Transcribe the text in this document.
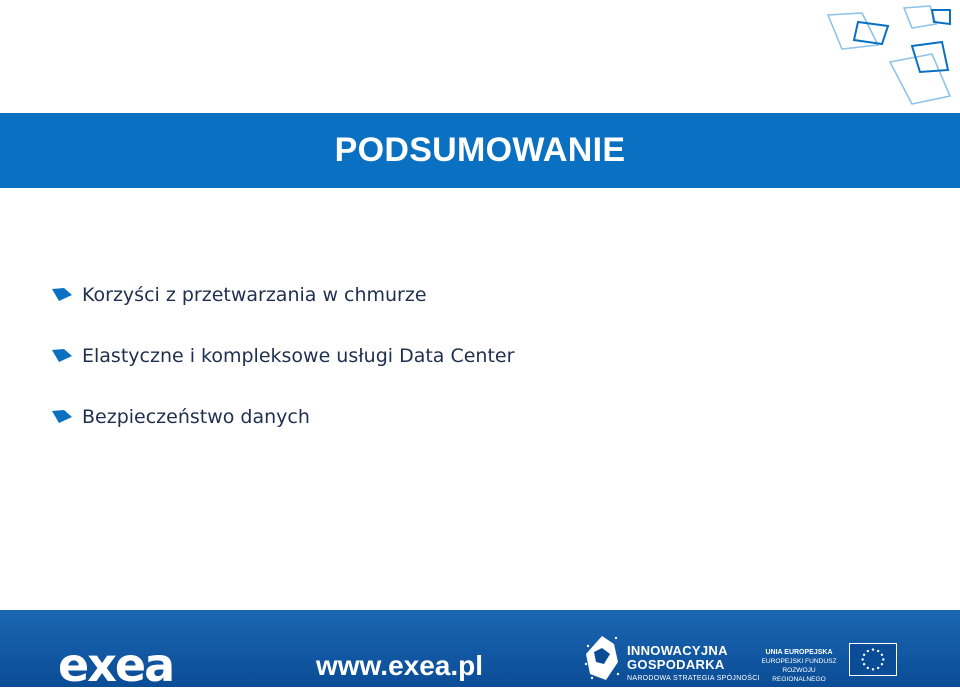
PODSUMOWANIE
Korzyści z przetwarzania w chmurze
Elastyczne i kompleksowe usługi Data Center
Bezpieczeństwo danych
exea	www.exea.pl	INNOWACYJNA
GOSPODARKA
NARODOWA STRATEGIA SPÓJNOŚCI
UNIA EUROPEJSKA
EUROPEJSKI FUNDUSZ
ROZWOJU REGIONALNEGO
